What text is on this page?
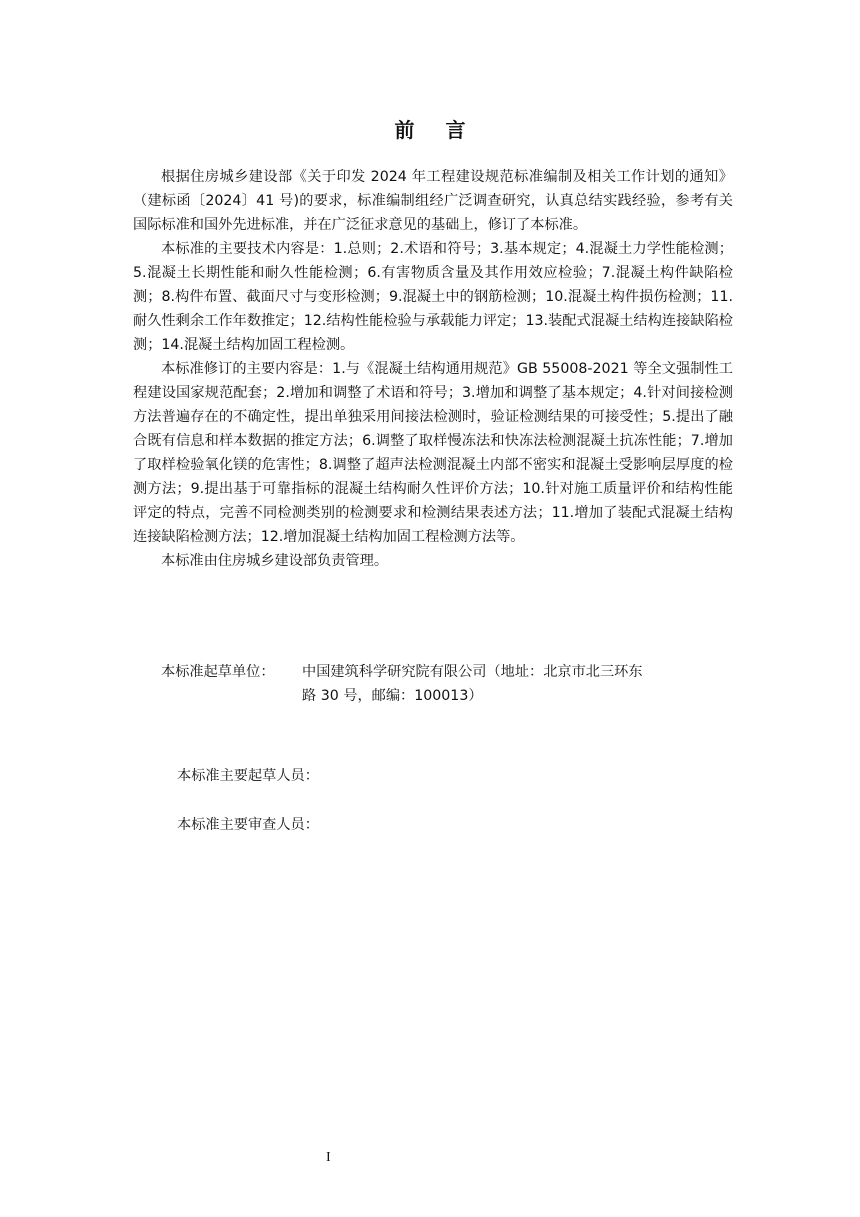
前 言

根据住房城乡建设部《关于印发 2024 年工程建设规范标准编制及相关工作计划的通知》（建标函〔2024〕41 号)的要求，标准编制组经广泛调查研究，认真总结实践经验，参考有关国际标准和国外先进标准，并在广泛征求意见的基础上，修订了本标准。

本标准的主要技术内容是：1.总则；2.术语和符号；3.基本规定；4.混凝土力学性能检测；5.混凝土长期性能和耐久性能检测；6.有害物质含量及其作用效应检验；7.混凝土构件缺陷检测；8.构件布置、截面尺寸与变形检测；9.混凝土中的钢筋检测；10.混凝土构件损伤检测；11.耐久性剩余工作年数推定；12.结构性能检验与承载能力评定；13.装配式混凝土结构连接缺陷检测；14.混凝土结构加固工程检测。

本标准修订的主要内容是：1.与《混凝土结构通用规范》GB 55008-2021 等全文强制性工程建设国家规范配套；2.增加和调整了术语和符号；3.增加和调整了基本规定；4.针对间接检测方法普遍存在的不确定性，提出单独采用间接法检测时，验证检测结果的可接受性；5.提出了融合既有信息和样本数据的推定方法；6.调整了取样慢冻法和快冻法检测混凝土抗冻性能；7.增加了取样检验氧化镁的危害性；8.调整了超声法检测混凝土内部不密实和混凝土受影响层厚度的检测方法；9.提出基于可靠指标的混凝土结构耐久性评价方法；10.针对施工质量评价和结构性能评定的特点，完善不同检测类别的检测要求和检测结果表述方法；11.增加了装配式混凝土结构连接缺陷检测方法；12.增加混凝土结构加固工程检测方法等。

本标准由住房城乡建设部负责管理。

本标准起草单位： 中国建筑科学研究院有限公司（地址：北京市北三环东
路 30 号，邮编：100013）
本标准主要起草人员：
本标准主要审查人员：
I
